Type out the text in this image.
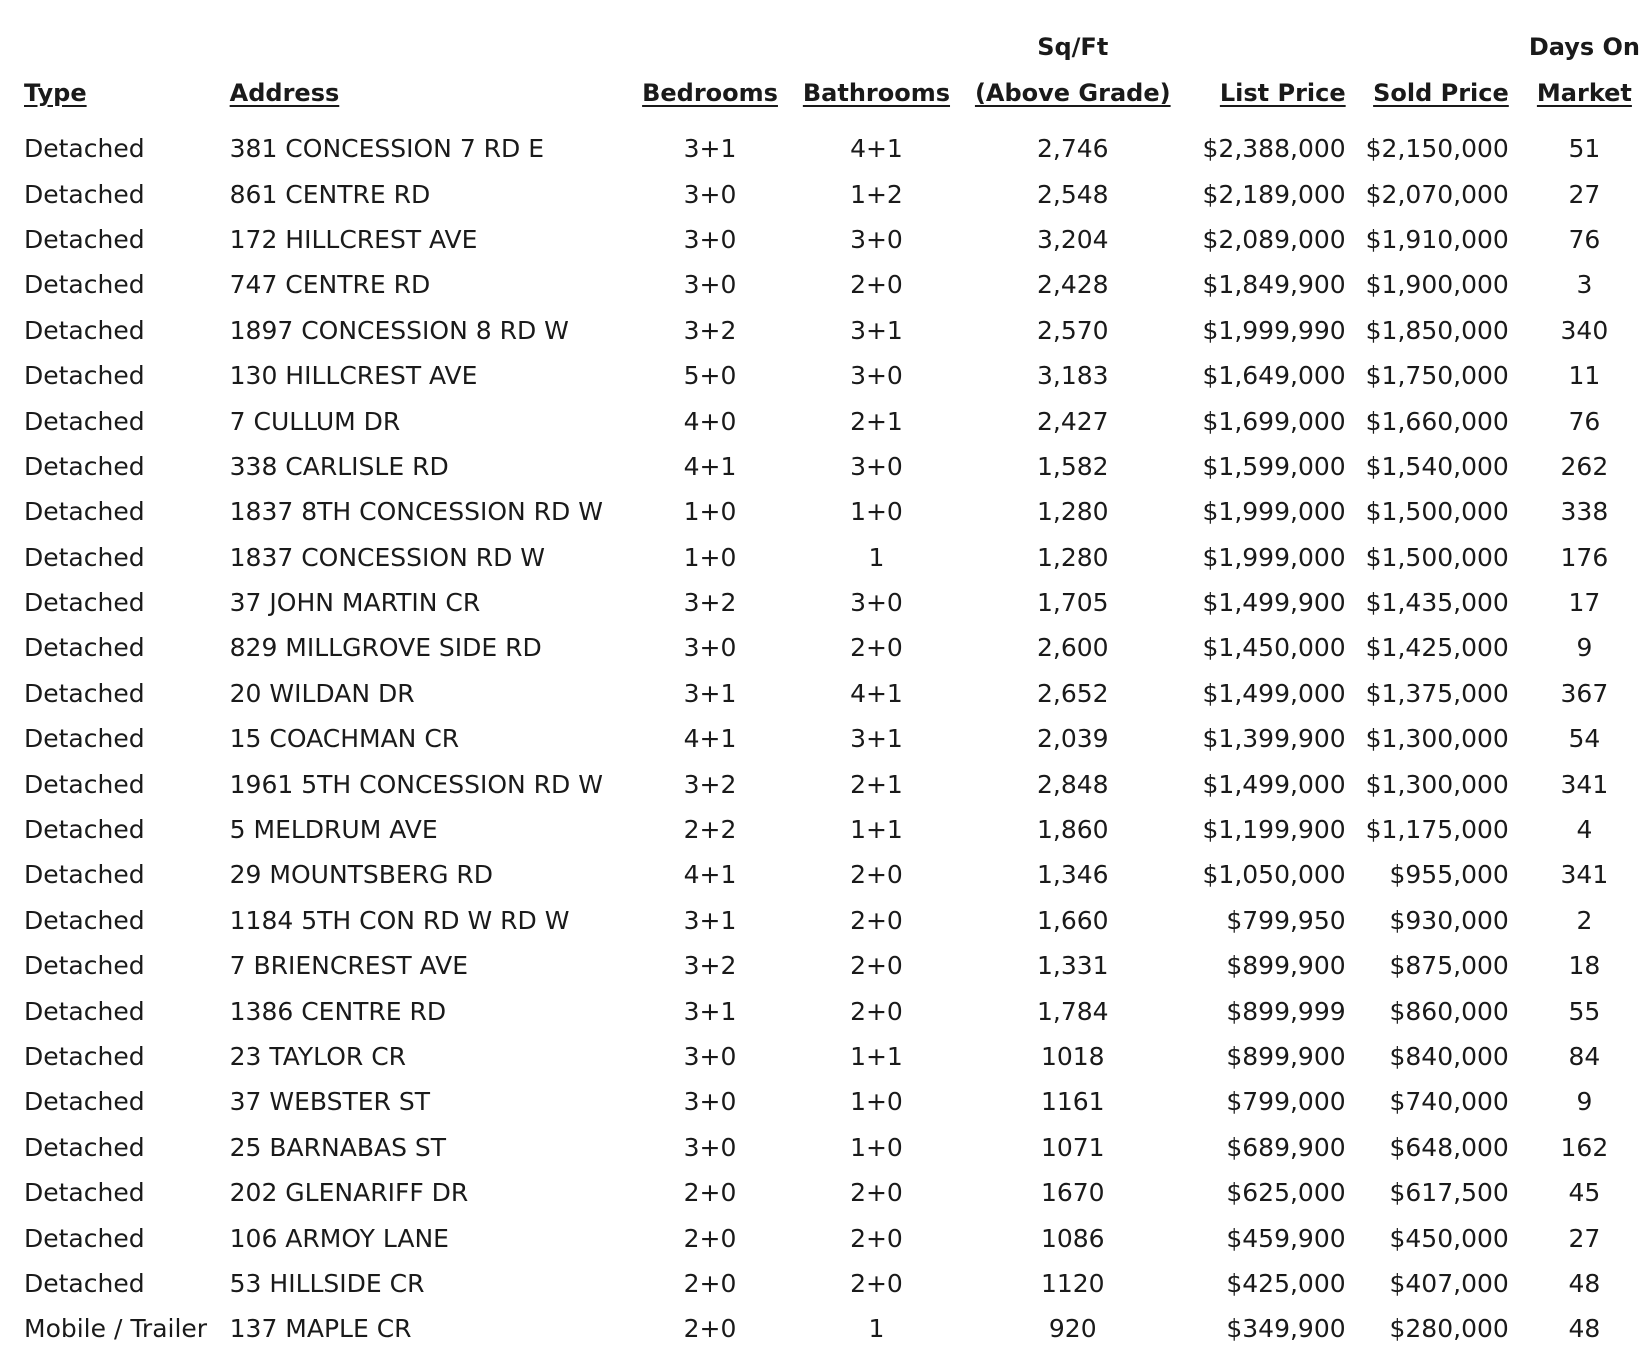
Type	Address	Bedrooms	Bathrooms	Sq/Ft
(Above Grade)	List Price	Sold Price	Days On
Market
Detached	381 CONCESSION 7 RD E	3+1	4+1	2,746	$2,388,000	$2,150,000	51
Detached	861 CENTRE RD	3+0	1+2	2,548	$2,189,000	$2,070,000	27
Detached	172 HILLCREST AVE	3+0	3+0	3,204	$2,089,000	$1,910,000	76
Detached	747 CENTRE RD	3+0	2+0	2,428	$1,849,900	$1,900,000	3
Detached	1897 CONCESSION 8 RD W	3+2	3+1	2,570	$1,999,990	$1,850,000	340
Detached	130 HILLCREST AVE	5+0	3+0	3,183	$1,649,000	$1,750,000	11
Detached	7 CULLUM DR	4+0	2+1	2,427	$1,699,000	$1,660,000	76
Detached	338 CARLISLE RD	4+1	3+0	1,582	$1,599,000	$1,540,000	262
Detached	1837 8TH CONCESSION RD W	1+0	1+0	1,280	$1,999,000	$1,500,000	338
Detached	1837 CONCESSION RD W	1+0	1	1,280	$1,999,000	$1,500,000	176
Detached	37 JOHN MARTIN CR	3+2	3+0	1,705	$1,499,900	$1,435,000	17
Detached	829 MILLGROVE SIDE RD	3+0	2+0	2,600	$1,450,000	$1,425,000	9
Detached	20 WILDAN DR	3+1	4+1	2,652	$1,499,000	$1,375,000	367
Detached	15 COACHMAN CR	4+1	3+1	2,039	$1,399,900	$1,300,000	54
Detached	1961 5TH CONCESSION RD W	3+2	2+1	2,848	$1,499,000	$1,300,000	341
Detached	5 MELDRUM AVE	2+2	1+1	1,860	$1,199,900	$1,175,000	4
Detached	29 MOUNTSBERG RD	4+1	2+0	1,346	$1,050,000	$955,000	341
Detached	1184 5TH CON RD W RD W	3+1	2+0	1,660	$799,950	$930,000	2
Detached	7 BRIENCREST AVE	3+2	2+0	1,331	$899,900	$875,000	18
Detached	1386 CENTRE RD	3+1	2+0	1,784	$899,999	$860,000	55
Detached	23 TAYLOR CR	3+0	1+1	1018	$899,900	$840,000	84
Detached	37 WEBSTER ST	3+0	1+0	1161	$799,000	$740,000	9
Detached	25 BARNABAS ST	3+0	1+0	1071	$689,900	$648,000	162
Detached	202 GLENARIFF DR	2+0	2+0	1670	$625,000	$617,500	45
Detached	106 ARMOY LANE	2+0	2+0	1086	$459,900	$450,000	27
Detached	53 HILLSIDE CR	2+0	2+0	1120	$425,000	$407,000	48
Mobile / Trailer	137 MAPLE CR	2+0	1	920	$349,900	$280,000	48
